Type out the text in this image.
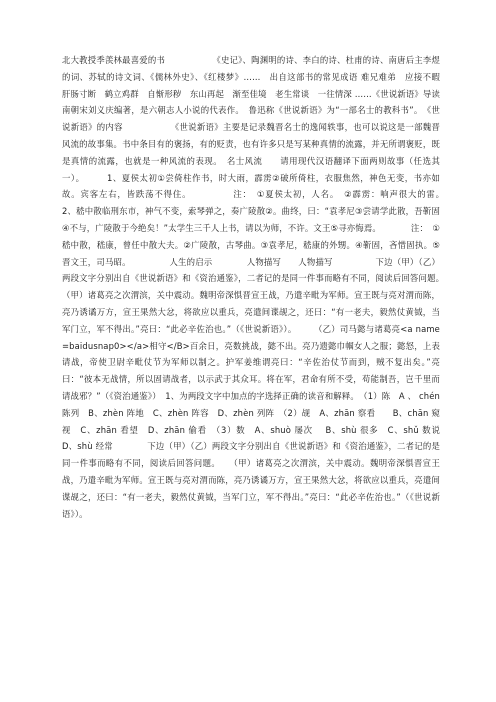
北大教授季羡林最喜爱的书　　　　　　《史记》、陶渊明的诗、李白的诗、杜甫的诗、南唐后主李煜的词、苏轼的诗文词、《儒林外史》、《红楼梦》……　出自这部书的常见成语 难兄难弟　应接不暇　肝肠寸断　鹤立鸡群　自惭形秽　东山再起　渐至佳境　老生常谈　一往情深 ……《世说新语》导读　南朝宋刘义庆编著，是六朝志人小说的代表作。　鲁迅称《世说新语》为“一部名士的教科书”。　《世说新语》的内容　　　　　　《世说新语》主要是记录魏晋名士的逸闻轶事，也可以说这是一部魏晋风流的故事集。书中条目有的褒扬，有的贬责，也有许多只是写某种真情的流露，并无所谓褒贬，既是真情的流露，也就是一种风流的表现。　名士风流　　请用现代汉语翻译下面两则故事（任选其一）。　　　1、夏侯太初①尝倚柱作书，时大雨，霹雳②破所倚柱，衣服焦然，神色无变，书亦如故。宾客左右，皆跌荡不得住。　　　　　注：　①夏侯太初，人名。　②霹雳：响声很大的雷。　　　2、嵇中散临刑东市，神气不变，索琴弹之，奏广陵散②。曲终，曰：“袁孝尼③尝请学此散，吾靳固④不与，广陵散于今绝矣！”太学生三千人上书，请以为师，不许。文王⑤寻亦悔焉。　　　　注：　①嵇中散，嵇康，曾任中散大夫。②广陵散，古琴曲。③袁孝尼，嵇康的外甥。④靳固，吝惜固执。⑤晋文王，司马昭。　　　　　人生的启示　　　　人物描写　　人物描写　　　　　下边（甲）（乙）两段文字分别出自《世说新语》和《资治通鉴》，二者记的是同一件事而略有不同，阅读后回答问题。　　（甲）诸葛亮之次渭滨，关中震动。魏明帝深惧晋宣王战，乃遣辛毗为军师。宣王既与亮对渭而陈，亮乃诱谲万方，宣王果然大忿，将欲应以重兵，亮遣间谍觇之，还曰：“有一老夫，毅然仗黄钺，当军门立，军不得出。”亮曰：“此必辛佐治也。”（《世说新语》）。　　　（乙）司马懿与诸葛亮<a name=baidusnap0></a>相守</B>百余日，亮数挑战，懿不出。亮乃遗懿巾帼女人之服；懿怒，上表请战，帝使卫尉辛毗仗节为军师以制之。护军姜维谓亮曰：“辛佐治仗节而到，贼不复出矣。”亮曰：“彼本无战情，所以固请战者，以示武于其众耳。将在军，君命有所不受，苟能制吾，岂千里而请战邪？”（《资治通鉴》）　1、为两段文字中加点的字选择正确的读音和解释。　（1）陈　A 、 chén 陈列　B、zhèn 阵地　C、zhèn 阵容　D、zhèn 列阵　（2）觇　A、zhān 察看　　B、chān 窥视　C、zhān 看望　D、zhān 偷看　（3）数　A、shuò 屡次　 B、shù 很多　C、shǔ 数说　D、shù 经常　　　　下边（甲）（乙）两段文字分别出自《世说新语》和《资治通鉴》，二者记的是同一件事而略有不同，阅读后回答问题。　　（甲）诸葛亮之次渭滨，关中震动。魏明帝深惧晋宣王战，乃遣辛毗为军师。宣王既与亮对渭而陈，亮乃诱谲万方，宣王果然大忿，将欲应以重兵，亮遣间谍觇之，还曰：“有一老夫，毅然仗黄钺，当军门立，军不得出。”亮曰：“此必辛佐治也。”（《世说新语》）。
